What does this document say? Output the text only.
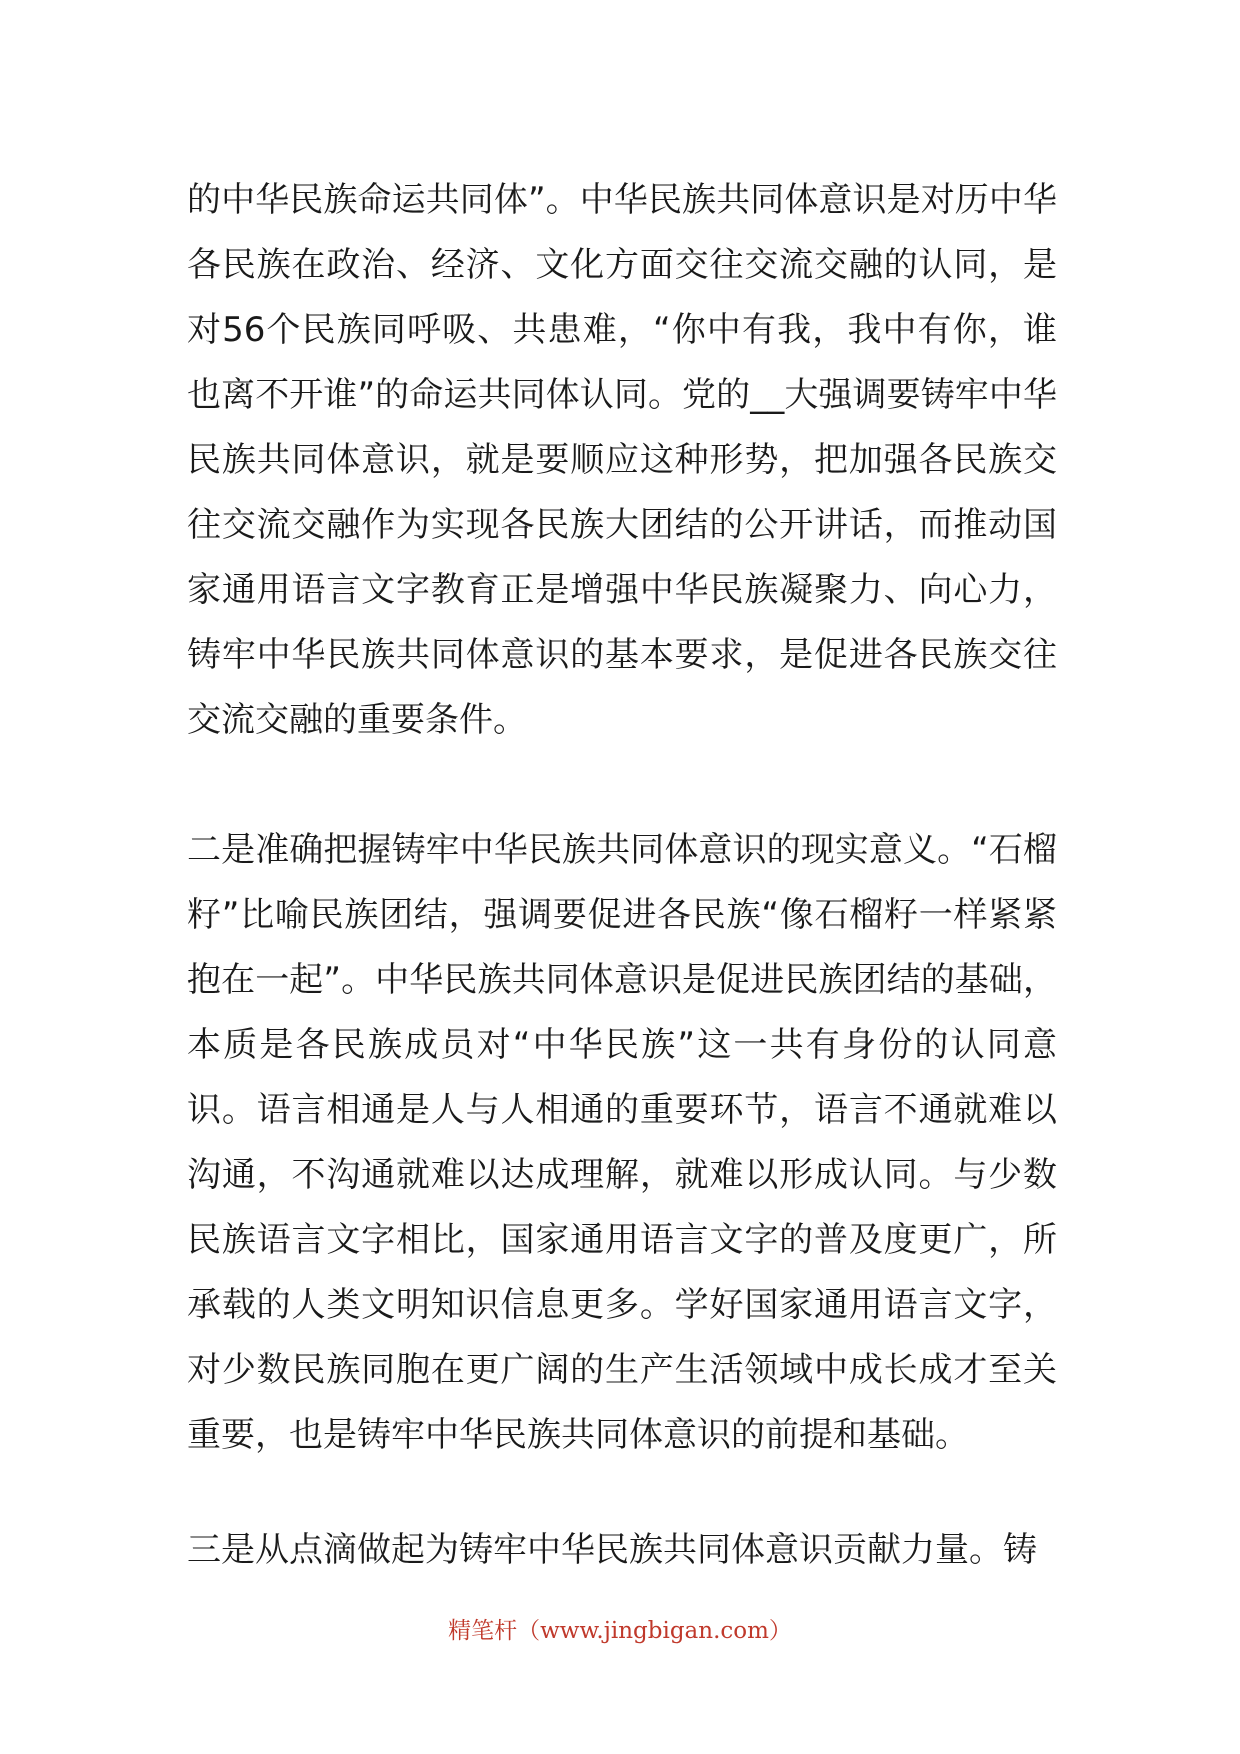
的中华民族命运共同体”。中华民族共同体意识是对历中华各民族在政治、经济、文化方面交往交流交融的认同，是对56个民族同呼吸、共患难，“你中有我，我中有你，谁也离不开谁”的命运共同体认同。党的__大强调要铸牢中华民族共同体意识，就是要顺应这种形势，把加强各民族交往交流交融作为实现各民族大团结的公开讲话，而推动国家通用语言文字教育正是增强中华民族凝聚力、向心力，铸牢中华民族共同体意识的基本要求，是促进各民族交往交流交融的重要条件。

二是准确把握铸牢中华民族共同体意识的现实意义。“石榴籽”比喻民族团结，强调要促进各民族“像石榴籽一样紧紧抱在一起”。中华民族共同体意识是促进民族团结的基础，本质是各民族成员对“中华民族”这一共有身份的认同意识。语言相通是人与人相通的重要环节，语言不通就难以沟通，不沟通就难以达成理解，就难以形成认同。与少数民族语言文字相比，国家通用语言文字的普及度更广，所承载的人类文明知识信息更多。学好国家通用语言文字，对少数民族同胞在更广阔的生产生活领域中成长成才至关重要，也是铸牢中华民族共同体意识的前提和基础。

三是从点滴做起为铸牢中华民族共同体意识贡献力量。铸

精笔杆（www.jingbigan.com）
